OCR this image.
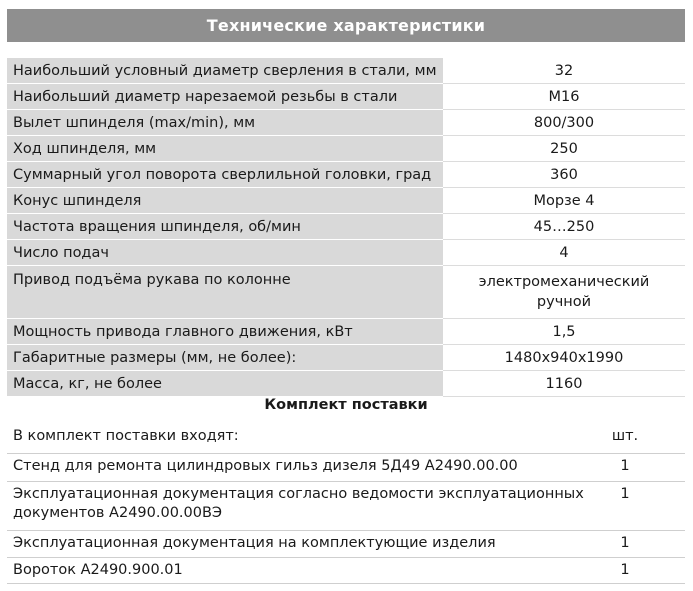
Технические характеристики
Наибольший условный диаметр сверления в стали, мм	32
Наибольший диаметр нарезаемой резьбы в стали	М16
Вылет шпинделя (max/min), мм	800/300
Ход шпинделя, мм	250
Суммарный угол поворота сверлильной головки, град	360
Конус шпинделя	Морзе 4
Частота вращения шпинделя, об/мин	45…250
Число подач	4
Привод подъёма рукава по колонне	электромеханический
ручной

Мощность привода главного движения, кВт	1,5
Габаритные размеры (мм, не более):	1480х940х1990
Масса, кг, не более	1160
Комплект поставки
В комплект поставки входят:	шт.
Стенд для ремонта цилиндровых гильз дизеля 5Д49 А2490.00.00	1

Эксплуатационная документация согласно ведомости эксплуатационных
документов А2490.00.00ВЭ	1
Эксплуатационная документация на комплектующие изделия	1
Вороток А2490.900.01	1
